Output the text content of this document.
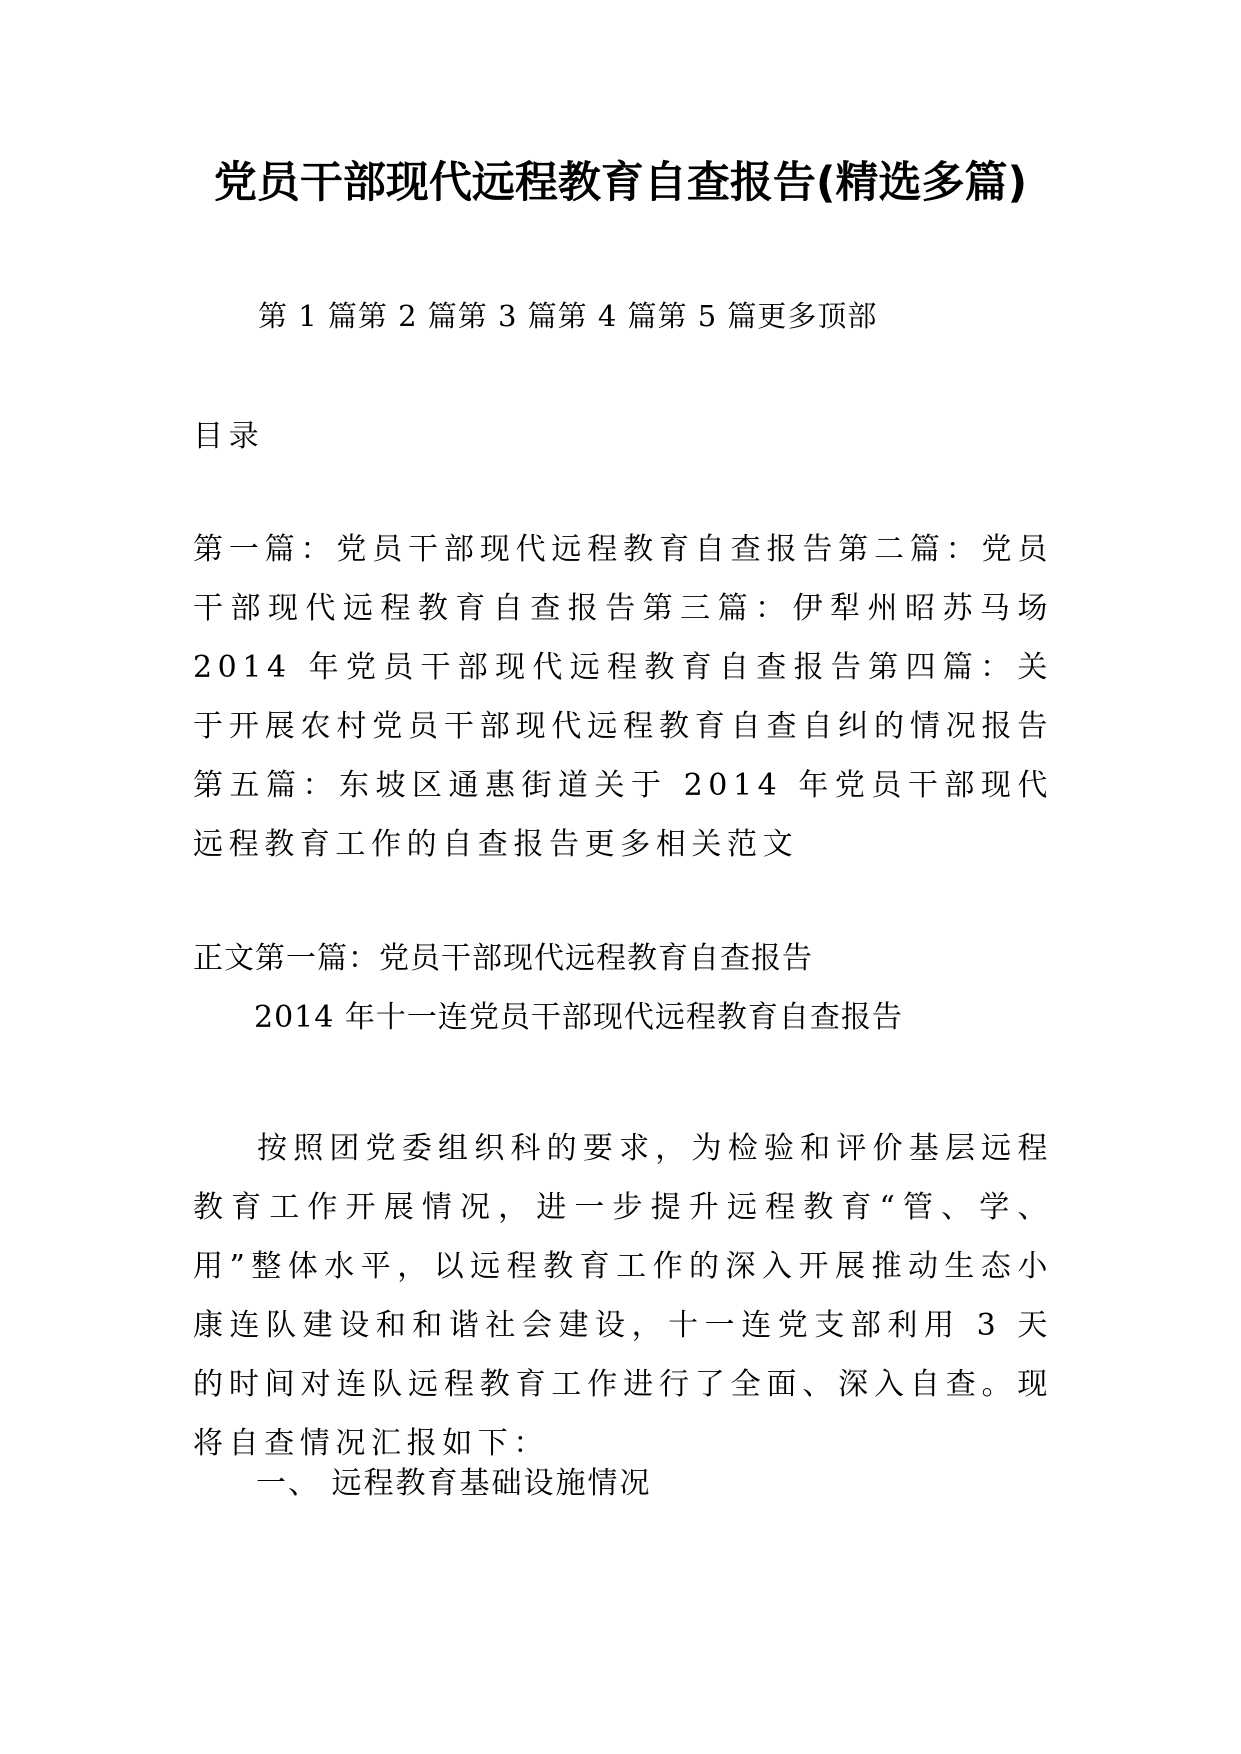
党员干部现代远程教育自查报告(精选多篇)
第 1 篇第 2 篇第 3 篇第 4 篇第 5 篇更多顶部

目录

第一篇：党员干部现代远程教育自查报告第二篇：党员干部现代远程教育自查报告第三篇：伊犁州昭苏马场 2014 年党员干部现代远程教育自查报告第四篇：关于开展农村党员干部现代远程教育自查自纠的情况报告第五篇：东坡区通惠街道关于 2014 年党员干部现代远程教育工作的自查报告更多相关范文

正文第一篇：党员干部现代远程教育自查报告

2014 年十一连党员干部现代远程教育自查报告

按照团党委组织科的要求，为检验和评价基层远程教育工作开展情况，进一步提升远程教育“管、学、用”整体水平，以远程教育工作的深入开展推动生态小康连队建设和和谐社会建设，十一连党支部利用 3 天的时间对连队远程教育工作进行了全面、深入自查。现将自查情况汇报如下：

一、 远程教育基础设施情况
